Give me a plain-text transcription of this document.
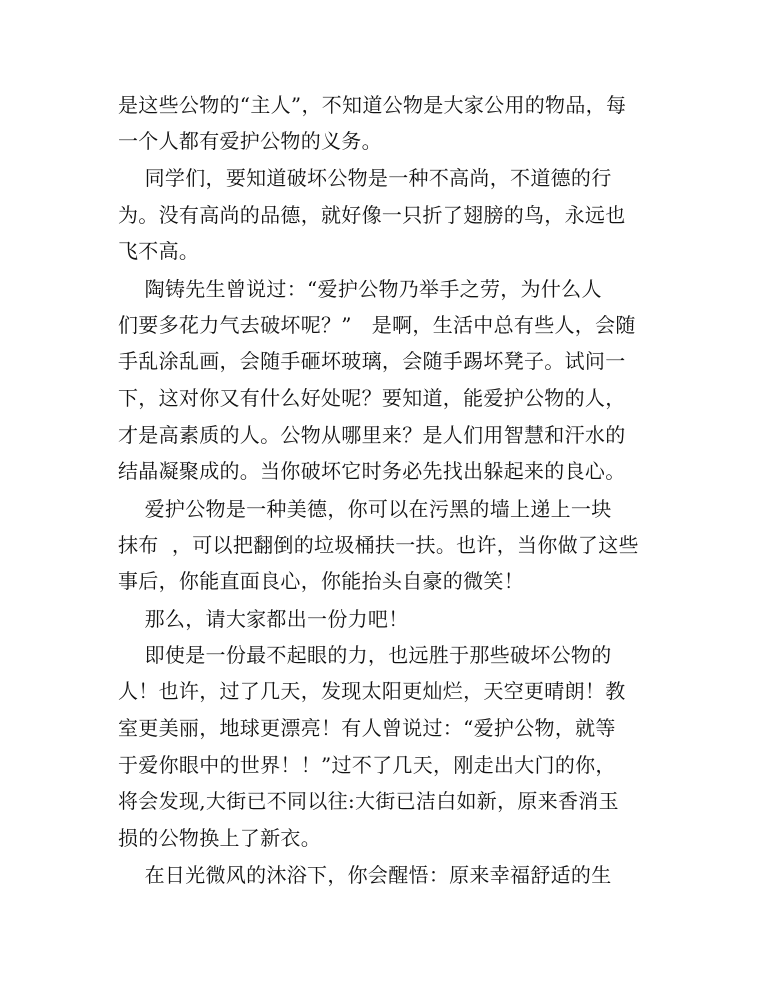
是这些公物的“主人”，不知道公物是大家公用的物品，每
一个人都有爱护公物的义务。
同学们，要知道破坏公物是一种不高尚，不道德的行
为。没有高尚的品德，就好像一只折了翅膀的鸟，永远也
飞不高。
陶铸先生曾说过：“爱护公物乃举手之劳，为什么人
们要多花力气去破坏呢？”   是啊，生活中总有些人，会随
手乱涂乱画，会随手砸坏玻璃，会随手踢坏凳子。试问一
下，这对你又有什么好处呢？要知道，能爱护公物的人，
才是高素质的人。公物从哪里来？是人们用智慧和汗水的
结晶凝聚成的。当你破坏它时务必先找出躲起来的良心。
爱护公物是一种美德，你可以在污黑的墙上递上一块
抹布  ，可以把翻倒的垃圾桶扶一扶。也许，当你做了这些
事后，你能直面良心，你能抬头自豪的微笑！
那么，请大家都出一份力吧！
即使是一份最不起眼的力，也远胜于那些破坏公物的
人！也许，过了几天，发现太阳更灿烂，天空更晴朗！教
室更美丽，地球更漂亮！有人曾说过：“爱护公物，就等
于爱你眼中的世界！！”过不了几天，刚走出大门的你，
将会发现,大街已不同以往:大街已洁白如新，原来香消玉
损的公物换上了新衣。
在日光微风的沐浴下，你会醒悟：原来幸福舒适的生
